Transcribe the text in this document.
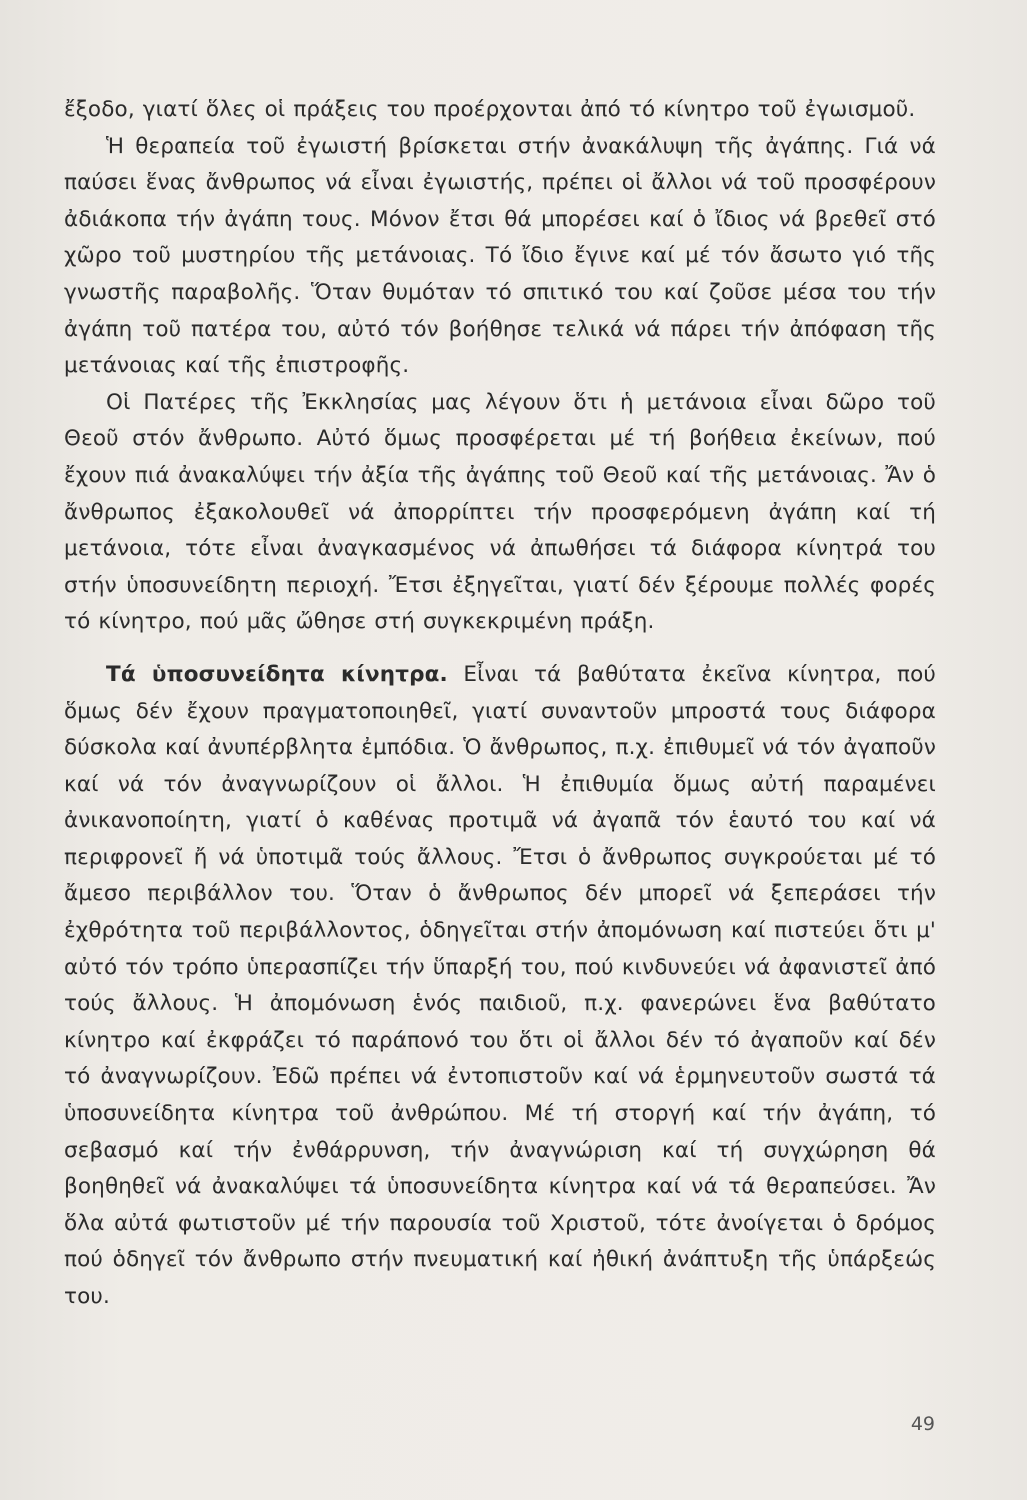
ἔξοδο, γιατί ὅλες οἱ πράξεις του προέρχονται ἀπό τό κίνητρο τοῦ ἐγωισμοῦ.

Ἡ θεραπεία τοῦ ἐγωιστή βρίσκεται στήν ἀνακάλυψη τῆς ἀγάπης. Γιά νά παύσει ἕνας ἄνθρωπος νά εἶναι ἐγωιστής, πρέπει οἱ ἄλλοι νά τοῦ προσφέρουν ἀδιάκοπα τήν ἀγάπη τους. Μόνον ἔτσι θά μπορέσει καί ὁ ἴδιος νά βρεθεῖ στό χῶρο τοῦ μυστηρίου τῆς μετάνοιας. Τό ἴδιο ἔγινε καί μέ τόν ἄσωτο γιό τῆς γνωστῆς παραβολῆς. Ὅταν θυμόταν τό σπιτικό του καί ζοῦσε μέσα του τήν ἀγάπη τοῦ πατέρα του, αὐτό τόν βοήθησε τελικά νά πάρει τήν ἀπόφαση τῆς μετάνοιας καί τῆς ἐπιστροφῆς.

Οἱ Πατέρες τῆς Ἐκκλησίας μας λέγουν ὅτι ἡ μετάνοια εἶναι δῶρο τοῦ Θεοῦ στόν ἄνθρωπο. Αὐτό ὅμως προσφέρεται μέ τή βοήθεια ἐκείνων, πού ἔχουν πιά ἀνακαλύψει τήν ἀξία τῆς ἀγάπης τοῦ Θεοῦ καί τῆς μετάνοιας. Ἄν ὁ ἄνθρωπος ἐξακολουθεῖ νά ἀπορρίπτει τήν προσφερόμενη ἀγάπη καί τή μετάνοια, τότε εἶναι ἀναγκασμένος νά ἀπωθήσει τά διάφορα κίνητρά του στήν ὑποσυνείδητη περιοχή. Ἔτσι ἐξηγεῖται, γιατί δέν ξέρουμε πολλές φορές τό κίνητρο, πού μᾶς ὤθησε στή συγκεκριμένη πράξη.

Τά ὑποσυνείδητα κίνητρα. Εἶναι τά βαθύτατα ἐκεῖνα κίνητρα, πού ὅμως δέν ἔχουν πραγματοποιηθεῖ, γιατί συναντοῦν μπροστά τους διάφορα δύσκολα καί ἀνυπέρβλητα ἐμπόδια. Ὁ ἄνθρωπος, π.χ. ἐπιθυμεῖ νά τόν ἀγαποῦν καί νά τόν ἀναγνωρίζουν οἱ ἄλλοι. Ἡ ἐπιθυμία ὅμως αὐτή παραμένει ἀνικανοποίητη, γιατί ὁ καθένας προτιμᾶ νά ἀγαπᾶ τόν ἑαυτό του καί νά περιφρονεῖ ἤ νά ὑποτιμᾶ τούς ἄλλους. Ἔτσι ὁ ἄνθρωπος συγκρούεται μέ τό ἄμεσο περιβάλλον του. Ὅταν ὁ ἄνθρωπος δέν μπορεῖ νά ξεπεράσει τήν ἐχθρότητα τοῦ περιβάλλοντος, ὁδηγεῖται στήν ἀπομόνωση καί πιστεύει ὅτι μ' αὐτό τόν τρόπο ὑπερασπίζει τήν ὕπαρξή του, πού κινδυνεύει νά ἀφανιστεῖ ἀπό τούς ἄλλους. Ἡ ἀπομόνωση ἑνός παιδιοῦ, π.χ. φανερώνει ἕνα βαθύτατο κίνητρο καί ἐκφράζει τό παράπονό του ὅτι οἱ ἄλλοι δέν τό ἀγαποῦν καί δέν τό ἀναγνωρίζουν. Ἐδῶ πρέπει νά ἐντοπιστοῦν καί νά ἑρμηνευτοῦν σωστά τά ὑποσυνείδητα κίνητρα τοῦ ἀνθρώπου. Μέ τή στοργή καί τήν ἀγάπη, τό σεβασμό καί τήν ἐνθάρρυνση, τήν ἀναγνώριση καί τή συγχώρηση θά βοηθηθεῖ νά ἀνακαλύψει τά ὑποσυνείδητα κίνητρα καί νά τά θεραπεύσει. Ἄν ὅλα αὐτά φωτιστοῦν μέ τήν παρουσία τοῦ Χριστοῦ, τότε ἀνοίγεται ὁ δρόμος πού ὁδηγεῖ τόν ἄνθρωπο στήν πνευματική καί ἠθική ἀνάπτυξη τῆς ὑπάρξεώς του.

49
